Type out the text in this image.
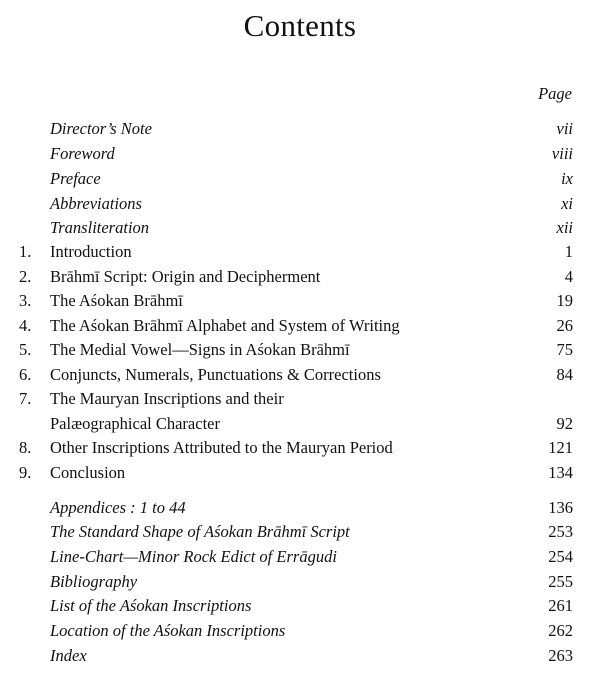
Contents
Page
Director’s Note	vii
Foreword	viii
Preface	ix
Abbreviations	xi
Transliteration	xii
1. Introduction	1
2. Brāhmī Script: Origin and Decipherment	4
3. The Aśokan Brāhmī	19
4. The Aśokan Brāhmī Alphabet and System of Writing	26
5. The Medial Vowel—Signs in Aśokan Brāhmī	75
6. Conjuncts, Numerals, Punctuations & Corrections	84
7. The Mauryan Inscriptions and their
Palæographical Character	92
8. Other Inscriptions Attributed to the Mauryan Period	121
9. Conclusion	134
Appendices : 1 to 44	136
The Standard Shape of Aśokan Brāhmī Script	253
Line-Chart—Minor Rock Edict of Errāgudi	254
Bibliography	255
List of the Aśokan Inscriptions	261
Location of the Aśokan Inscriptions	262
Index	263
